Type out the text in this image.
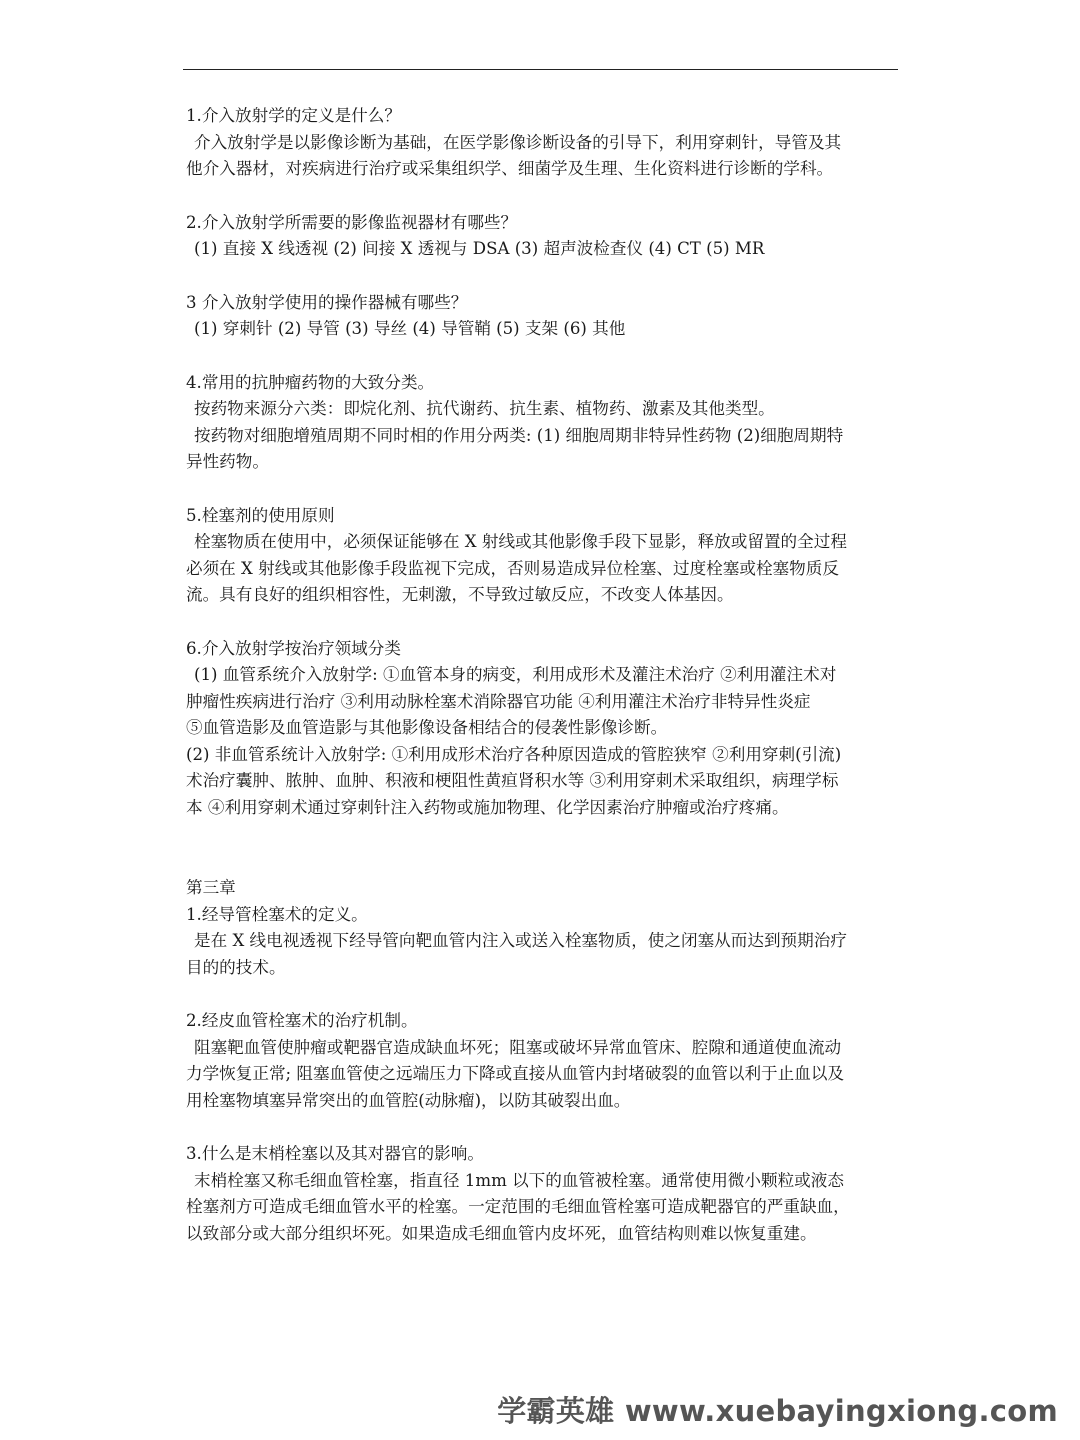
1.介入放射学的定义是什么？

介入放射学是以影像诊断为基础，在医学影像诊断设备的引导下，利用穿刺针，导管及其

他介入器材，对疾病进行治疗或采集组织学、细菌学及生理、生化资料进行诊断的学科。

2.介入放射学所需要的影像监视器材有哪些？

(1) 直接 X 线透视 (2) 间接 X 透视与 DSA (3) 超声波检查仪 (4) CT (5) MR

3 介入放射学使用的操作器械有哪些？

(1) 穿刺针 (2) 导管 (3) 导丝 (4) 导管鞘 (5) 支架 (6) 其他

4.常用的抗肿瘤药物的大致分类。

按药物来源分六类：即烷化剂、抗代谢药、抗生素、植物药、激素及其他类型。

按药物对细胞增殖周期不同时相的作用分两类: (1) 细胞周期非特异性药物 (2)细胞周期特

异性药物。

5.栓塞剂的使用原则

栓塞物质在使用中，必须保证能够在 X 射线或其他影像手段下显影，释放或留置的全过程

必须在 X 射线或其他影像手段监视下完成，否则易造成异位栓塞、过度栓塞或栓塞物质反

流。具有良好的组织相容性，无刺激，不导致过敏反应，不改变人体基因。

6.介入放射学按治疗领域分类

(1) 血管系统介入放射学: ①血管本身的病变，利用成形术及灌注术治疗 ②利用灌注术对

肿瘤性疾病进行治疗 ③利用动脉栓塞术消除器官功能 ④利用灌注术治疗非特异性炎症

⑤血管造影及血管造影与其他影像设备相结合的侵袭性影像诊断。

(2) 非血管系统计入放射学: ①利用成形术治疗各种原因造成的管腔狭窄 ②利用穿刺(引流)

术治疗囊肿、脓肿、血肿、积液和梗阻性黄疸肾积水等 ③利用穿刺术采取组织，病理学标

本 ④利用穿刺术通过穿刺针注入药物或施加物理、化学因素治疗肿瘤或治疗疼痛。

第三章

1.经导管栓塞术的定义。

是在 X 线电视透视下经导管向靶血管内注入或送入栓塞物质，使之闭塞从而达到预期治疗

目的的技术。

2.经皮血管栓塞术的治疗机制。

阻塞靶血管使肿瘤或靶器官造成缺血坏死；阻塞或破坏异常血管床、腔隙和通道使血流动

力学恢复正常; 阻塞血管使之远端压力下降或直接从血管内封堵破裂的血管以利于止血以及

用栓塞物填塞异常突出的血管腔(动脉瘤)，以防其破裂出血。

3.什么是末梢栓塞以及其对器官的影响。

末梢栓塞又称毛细血管栓塞，指直径 1mm 以下的血管被栓塞。通常使用微小颗粒或液态

栓塞剂方可造成毛细血管水平的栓塞。一定范围的毛细血管栓塞可造成靶器官的严重缺血，

以致部分或大部分组织坏死。如果造成毛细血管内皮坏死，血管结构则难以恢复重建。

学霸英雄 www.xuebayingxiong.com
